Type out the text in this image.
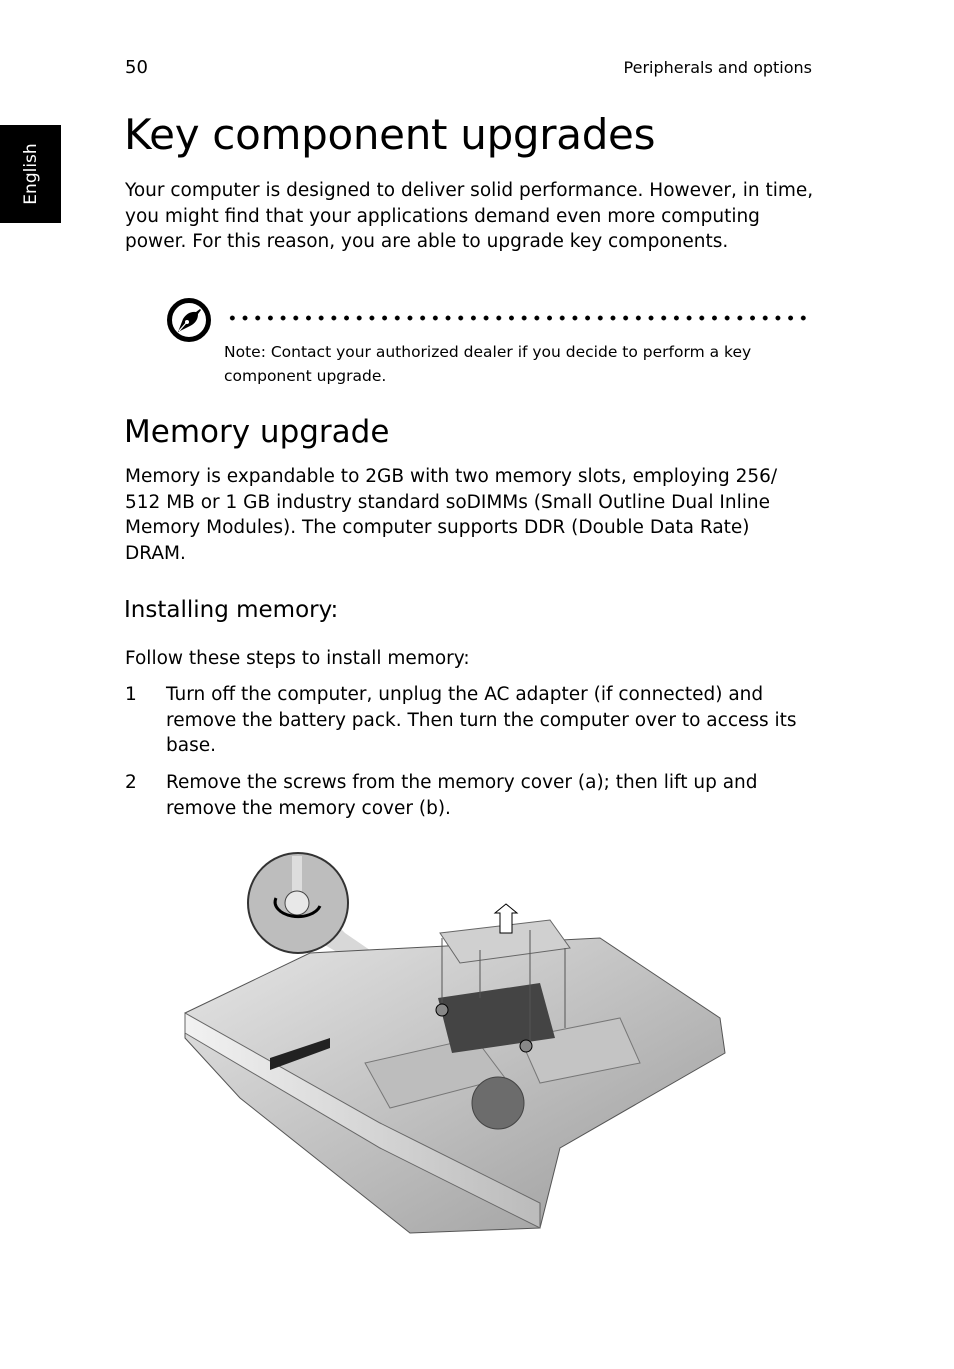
50	Peripherals and options
English
Key component upgrades
Your computer is designed to deliver solid performance. However, in time, you might find that your applications demand even more computing power. For this reason, you are able to upgrade key components.
Note: Contact your authorized dealer if you decide to perform a key component upgrade.
Memory upgrade
Memory is expandable to 2GB with two memory slots, employing 256/ 512 MB or 1 GB industry standard soDIMMs (Small Outline Dual Inline Memory Modules). The computer supports DDR (Double Data Rate) DRAM.
Installing memory:
Follow these steps to install memory:
1 Turn off the computer, unplug the AC adapter (if connected) and remove the battery pack. Then turn the computer over to access its base.
2 Remove the screws from the memory cover (a); then lift up and remove the memory cover (b).
